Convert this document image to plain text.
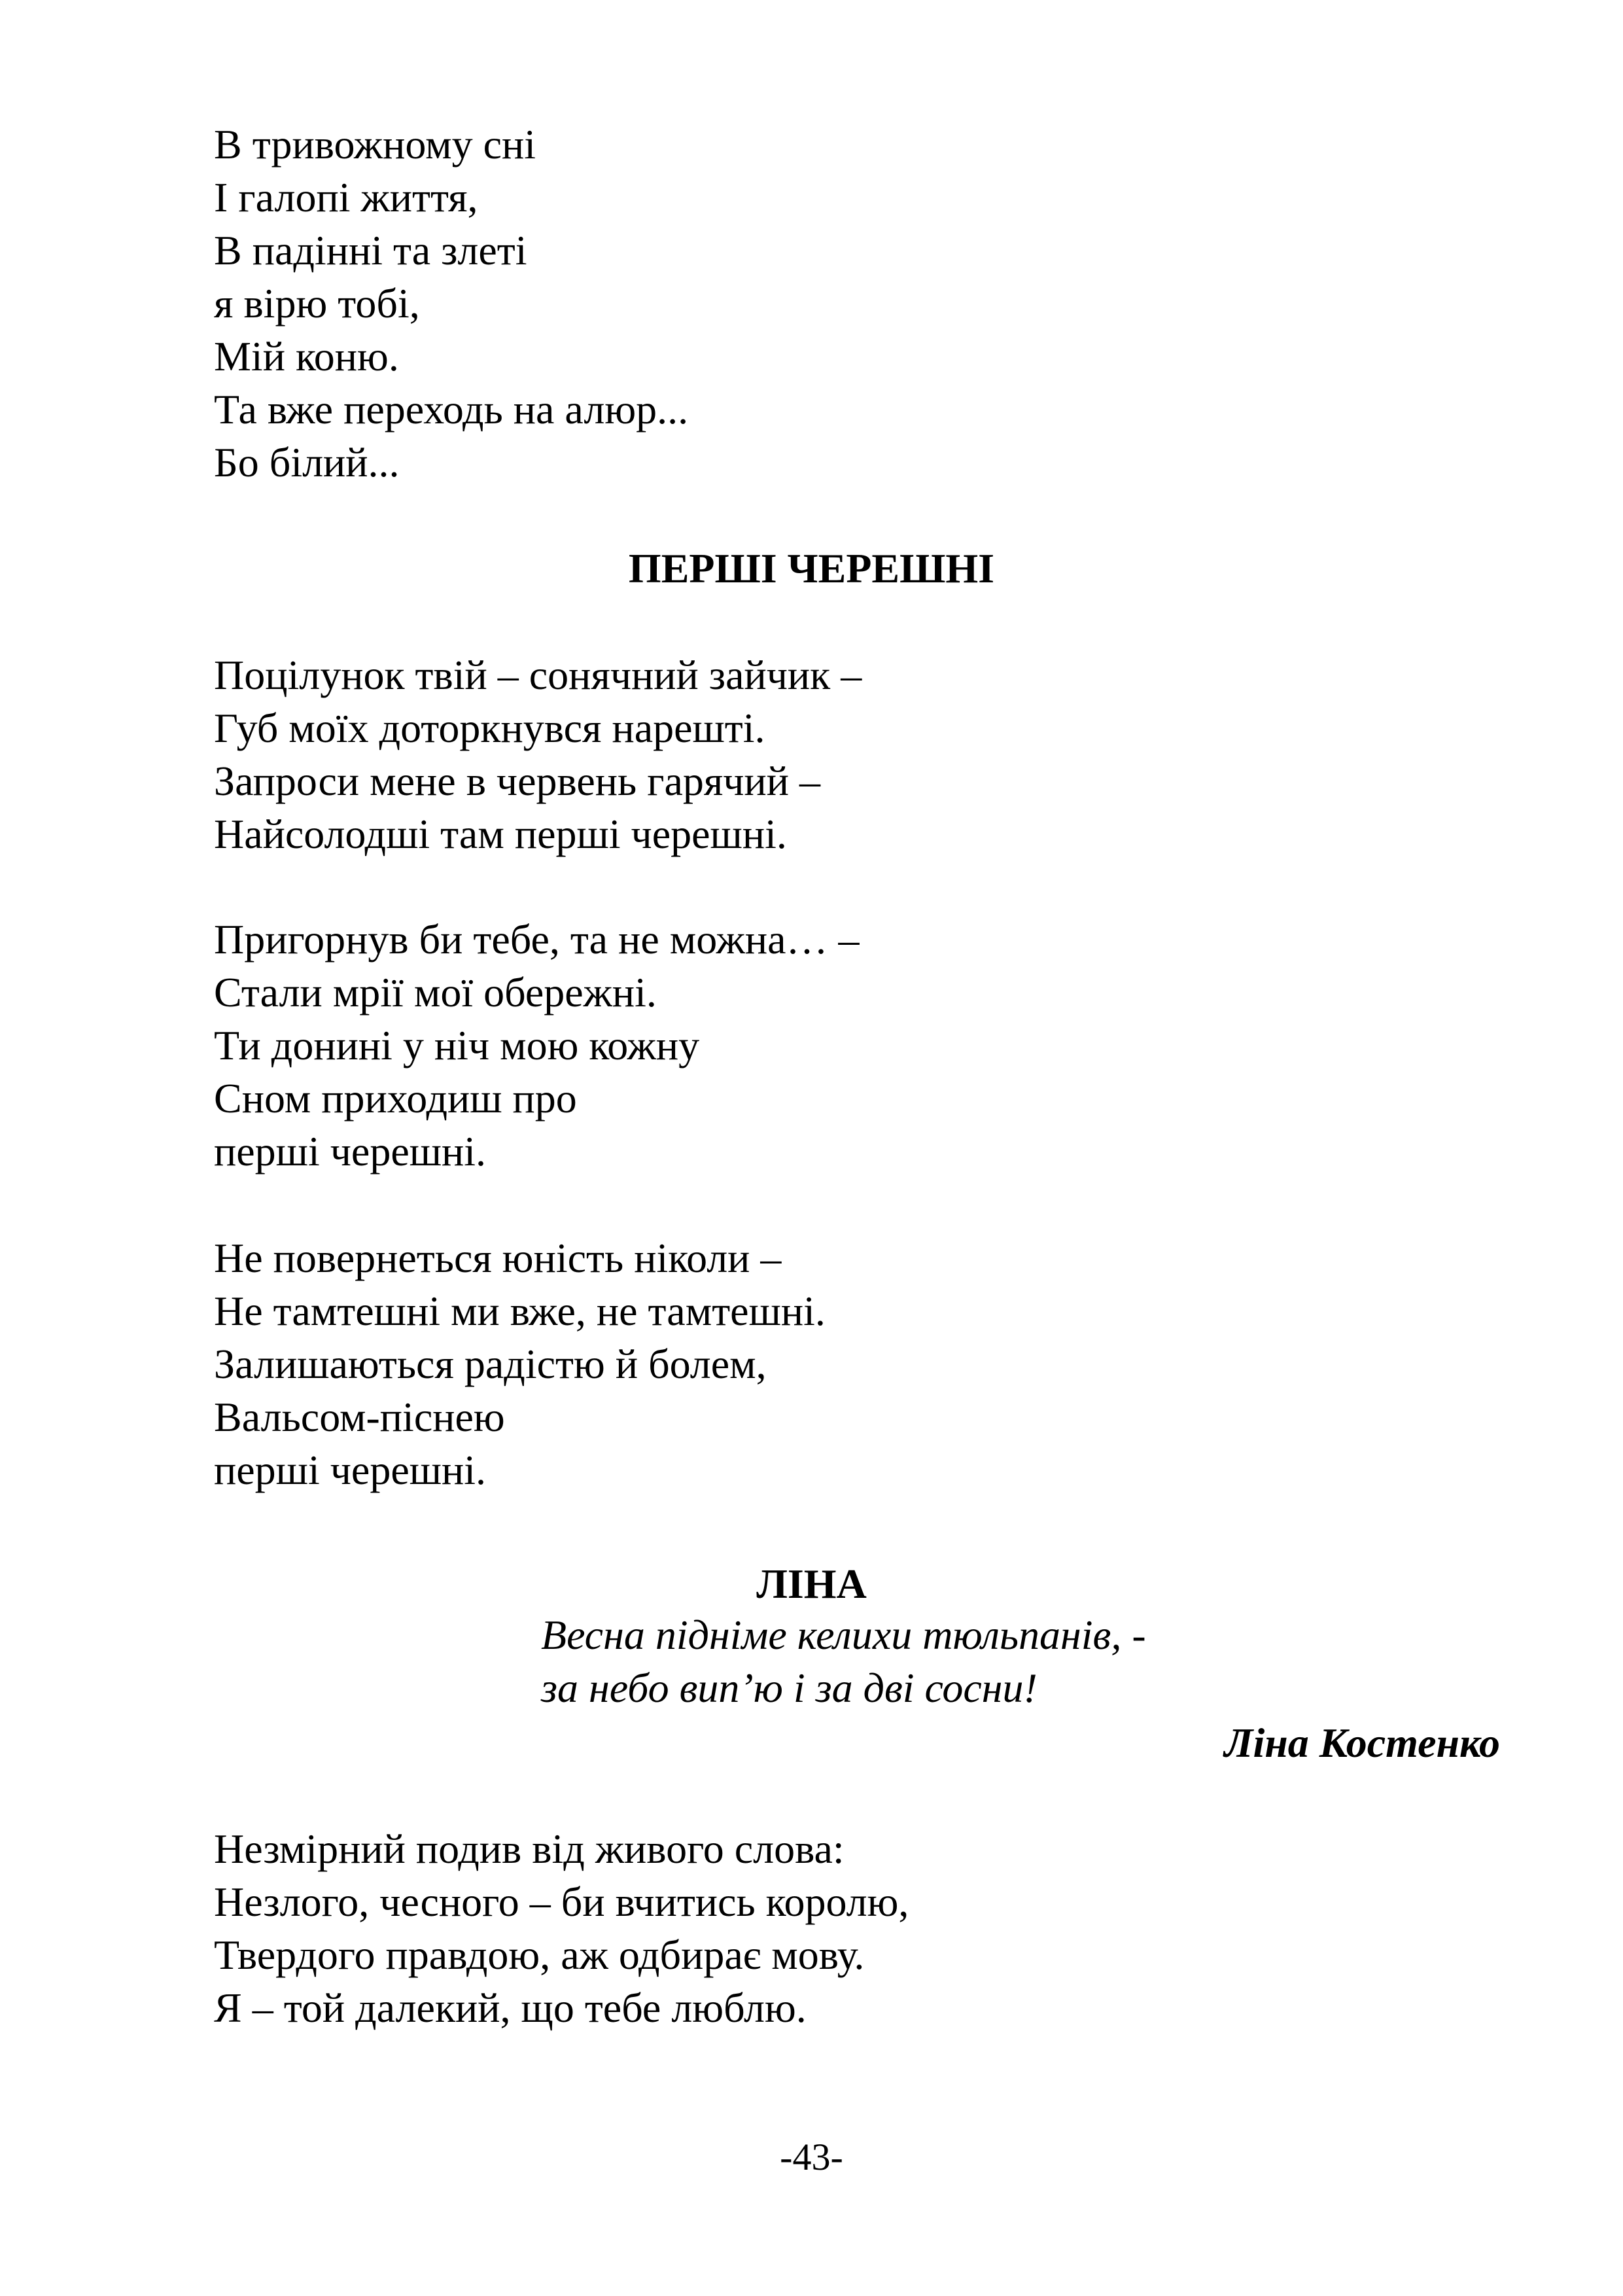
В тривожному сні
І галопі життя,
В падінні та злеті
я вірю тобі,
Мій коню.
Та вже переходь на алюр...
Бо білий...
ПЕРШІ ЧЕРЕШНІ
Поцілунок твій – сонячний зайчик –
Губ моїх доторкнувся нарешті.
Запроси мене в червень гарячий –
Найсолодші там перші черешні.
Пригорнув би тебе, та не можна… –
Стали мрії мої обережні.
Ти донині у ніч мою кожну
Сном приходиш про
перші черешні.
Не повернеться юність ніколи –
Не тамтешні ми вже, не тамтешні.
Залишаються радістю й болем,
Вальсом-піснею
перші черешні.
ЛІНА
Весна підніме келихи тюльпанів, -
за небо вип’ю і за дві сосни!

Ліна Костенко

Незмірний подив від живого слова:
Незлого, чесного – би вчитись королю,
Твердого правдою, аж одбирає мову.
Я – той далекий, що тебе люблю.

-43-
